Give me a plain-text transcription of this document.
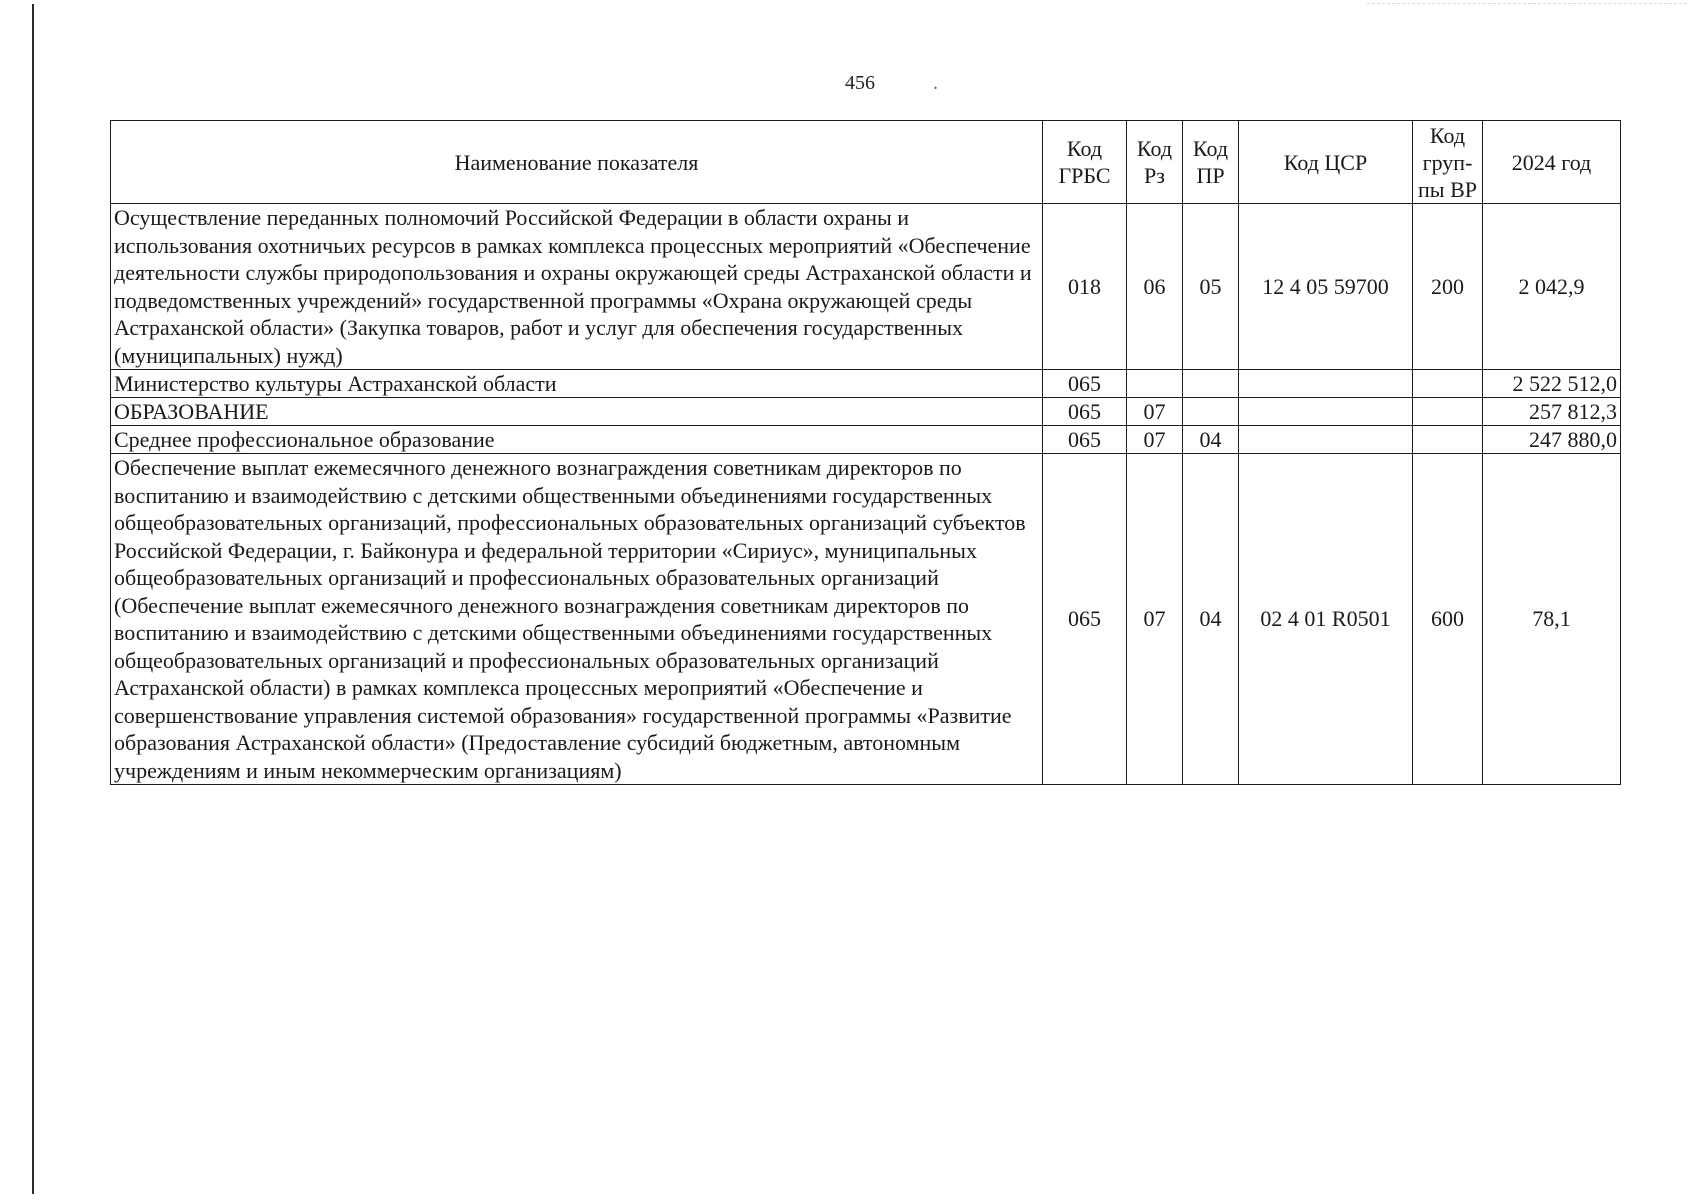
456	.
Наименование показателя	Код ГРБС	Код Рз	Код ПР	Код ЦСР	Код груп-пы ВР	2024 год
Осуществление переданных полномочий Российской Федерации в области охраны и использования охотничьих ресурсов в рамках комплекса процессных мероприятий «Обеспечение деятельности службы природопользования и охраны окружающей среды Астраханской области и подведомственных учреждений» государственной программы «Охрана окружающей среды Астраханской области» (Закупка товаров, работ и услуг для обеспечения государственных (муниципальных) нужд)	018	06	05	12 4 05 59700	200	2 042,9
Министерство культуры Астраханской области	065					2 522 512,0
ОБРАЗОВАНИЕ	065	07				257 812,3
Среднее профессиональное образование	065	07	04			247 880,0
Обеспечение выплат ежемесячного денежного вознаграждения советникам директоров по воспитанию и взаимодействию с детскими общественными объединениями государственных общеобразовательных организаций, профессиональных образовательных организаций субъектов Российской Федерации, г. Байконура и федеральной территории «Сириус», муниципальных общеобразовательных организаций и профессиональных образовательных организаций (Обеспечение выплат ежемесячного денежного вознаграждения советникам директоров по воспитанию и взаимодействию с детскими общественными объединениями государственных общеобразовательных организаций и профессиональных образовательных организаций Астраханской области) в рамках комплекса процессных мероприятий «Обеспечение и совершенствование управления системой образования» государственной программы «Развитие образования Астраханской области» (Предоставление субсидий бюджетным, автономным учреждениям и иным некоммерческим организациям)	065	07	04	02 4 01 R0501	600	78,1
